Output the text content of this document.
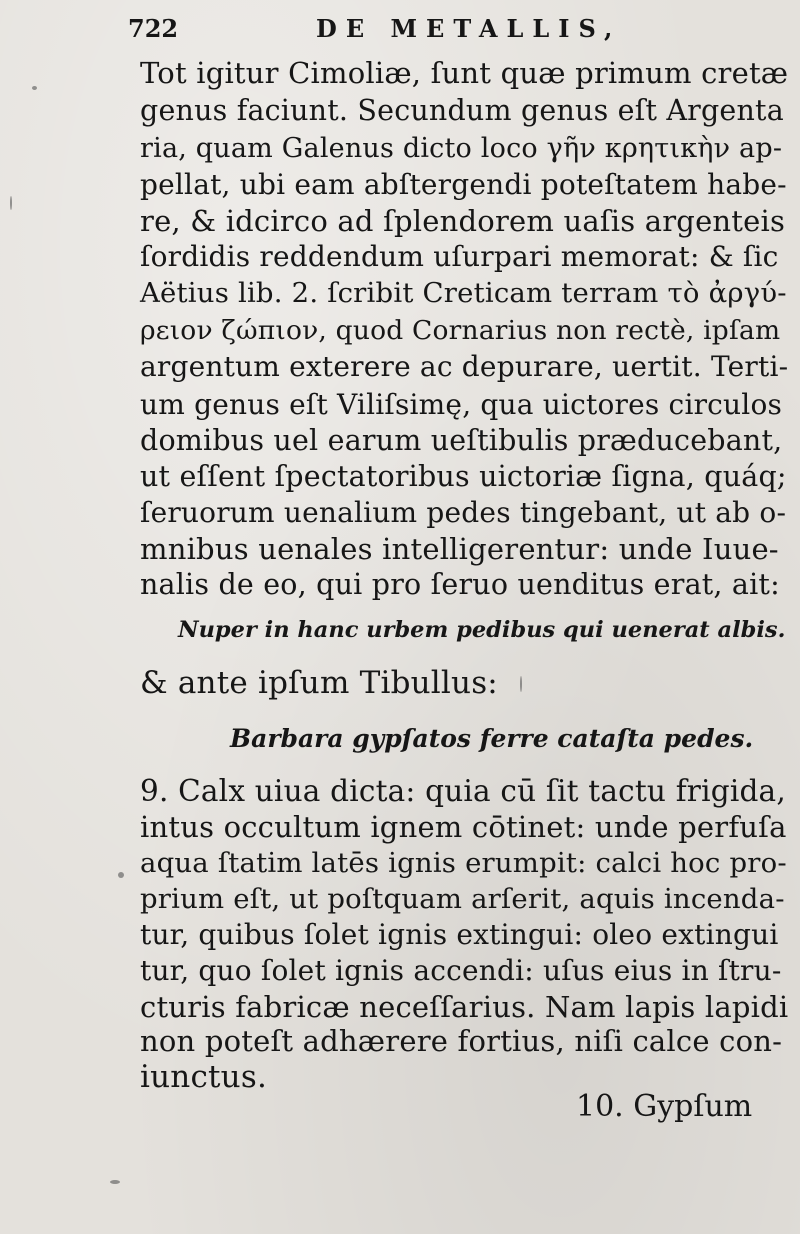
722	DE METALLIS,
Tot igitur Cimoliæ, ſunt quæ primum cretæ
genus faciunt. Secundum genus eſt Argenta
ria, quam Galenus dicto loco γῆν κρητικὴν ap-
pellat, ubi eam abſtergendi poteſtatem habe-
re, & idcirco ad ſplendorem uaſis argenteis
ſordidis reddendum uſurpari memorat: & ſic
Aëtius lib. 2. ſcribit Creticam terram τὸ ἀργύ-
ρειον ζώπιον, quod Cornarius non rectè, ipſam
argentum exterere ac depurare, uertit. Terti-
um genus eſt Viliſsimę, qua uictores circulos
domibus uel earum ueſtibulis præducebant,
ut eſſent ſpectatoribus uictoriæ ſigna, quáq;
ſeruorum uenalium pedes tingebant, ut ab o-
mnibus uenales intelligerentur: unde Iuue-
nalis de eo, qui pro ſeruo uenditus erat, ait:
Nuper in hanc urbem pedibus qui uenerat albis.
& ante ipſum Tibullus:
Barbara gypſatos ferre cataſta pedes.
9. Calx uiua dicta: quia cū ſit tactu frigida,
intus occultum ignem cōtinet: unde perfuſa
aqua ſtatim latēs ignis erumpit: calci hoc pro-
prium eſt, ut poſtquam arſerit, aquis incenda-
tur, quibus ſolet ignis extingui: oleo extingui
tur, quo ſolet ignis accendi: uſus eius in ſtru-
cturis fabricæ neceſſarius. Nam lapis lapidi
non poteſt adhærere fortius, niſi calce con-
iunctus.
10. Gypſum
